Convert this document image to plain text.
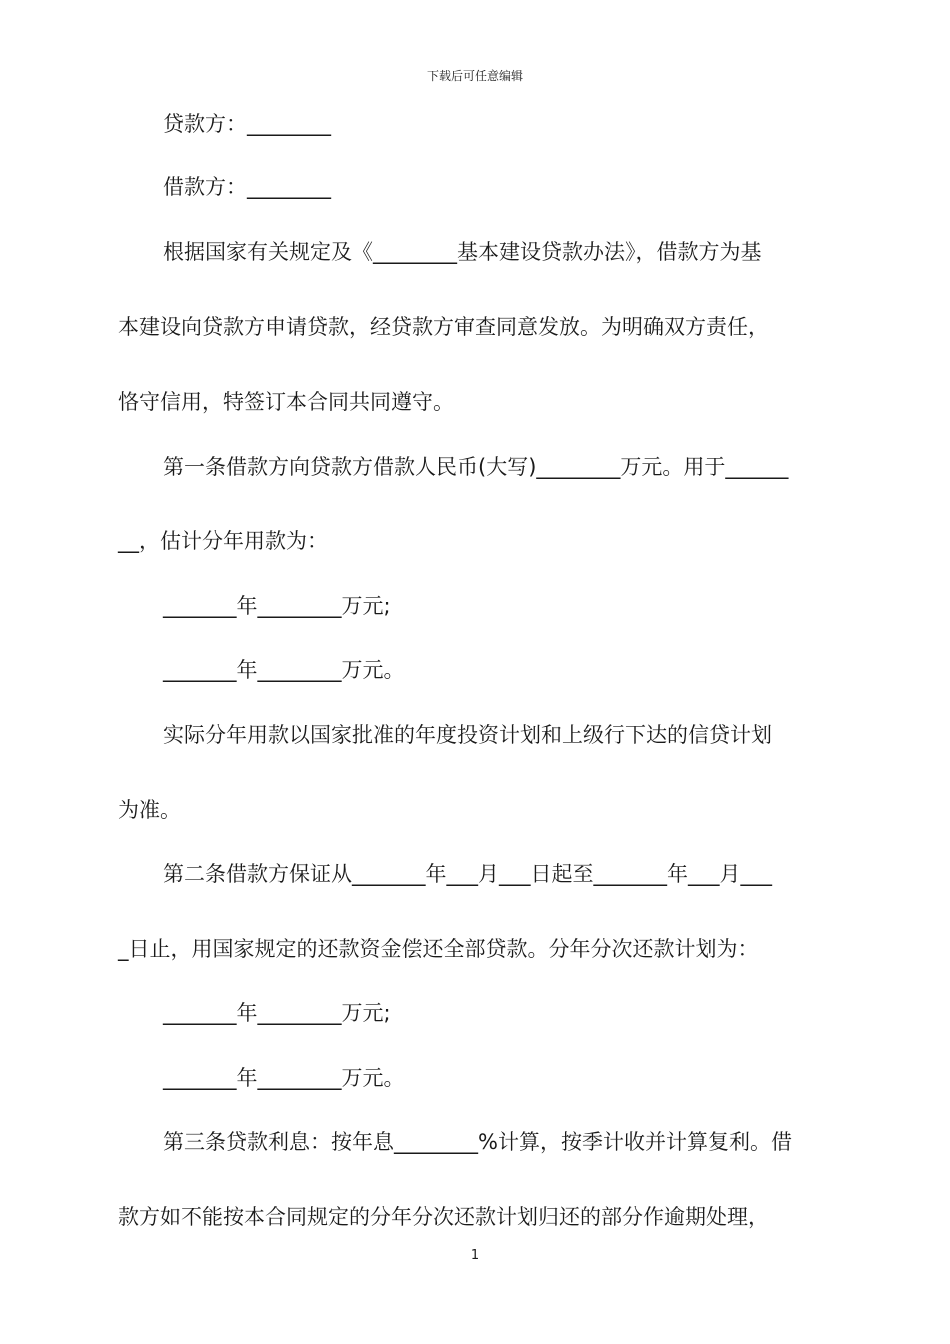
下载后可任意编辑
贷款方：________
借款方：________
根据国家有关规定及《________基本建设贷款办法》，借款方为基
本建设向贷款方申请贷款，经贷款方审查同意发放。为明确双方责任，
恪守信用，特签订本合同共同遵守。
第一条借款方向贷款方借款人民币(大写)________万元。用于______
__，估计分年用款为：
_______年________万元;
_______年________万元。
实际分年用款以国家批准的年度投资计划和上级行下达的信贷计划
为准。
第二条借款方保证从_______年___月___日起至_______年___月___
_日止，用国家规定的还款资金偿还全部贷款。分年分次还款计划为：
_______年________万元;
_______年________万元。
第三条贷款利息：按年息________%计算，按季计收并计算复利。借
款方如不能按本合同规定的分年分次还款计划归还的部分作逾期处理，
1
